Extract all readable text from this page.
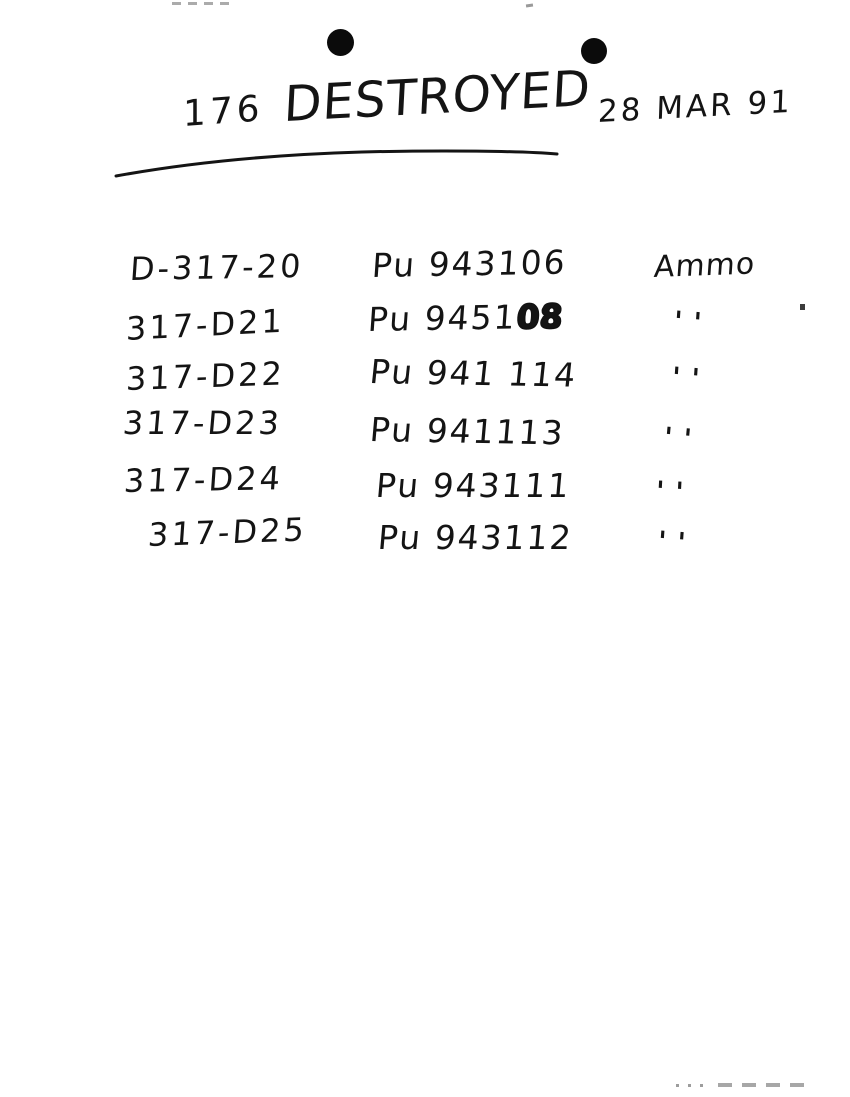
176 DESTROYED 28 MAR 91
D-317-20 Pu 943106	Ammo
317-D21 Pu 945108	''
317-D22 Pu 941 114	''
317-D23	Pu 941113	''
317-D24	Pu 943111	''
317-D25 Pu 943112	''
